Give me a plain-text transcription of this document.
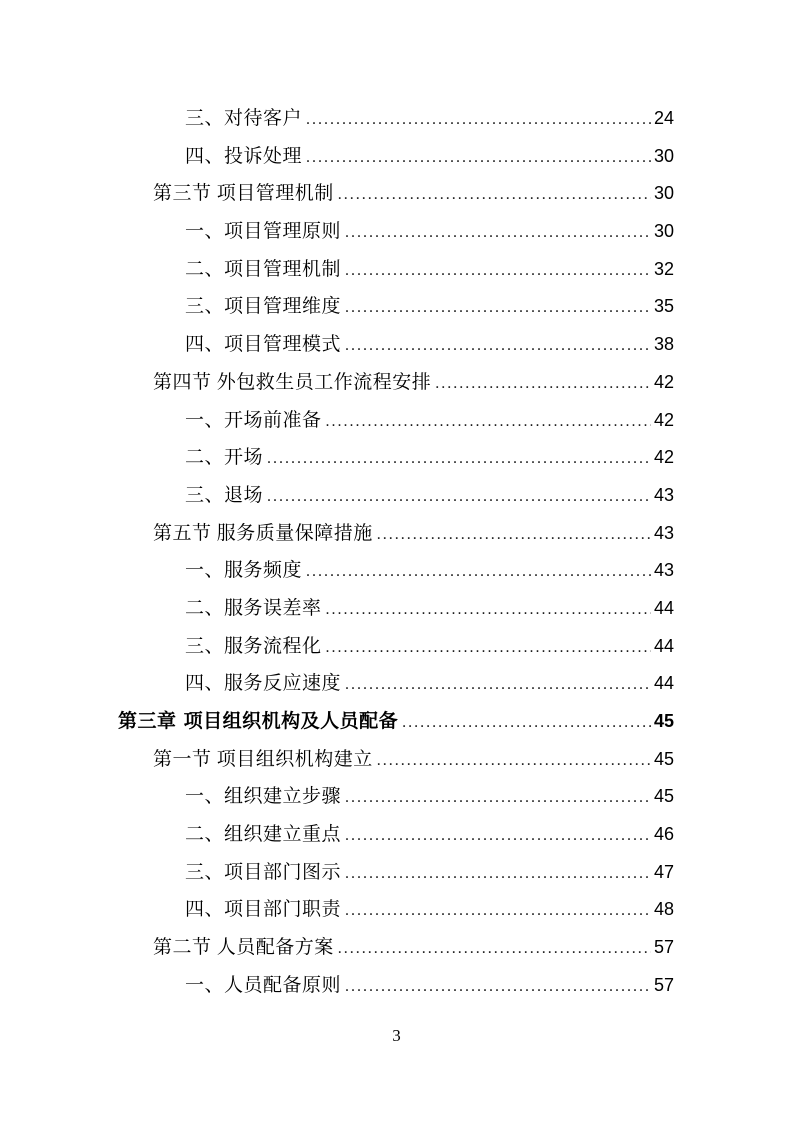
三、对待客户 .....	24
四、投诉处理 .....	30
第三节 项目管理机制 .....	30
一、项目管理原则 .....	30
二、项目管理机制 .....	32
三、项目管理维度 .....	35
四、项目管理模式 .....	38
第四节 外包救生员工作流程安排 .....	42
一、开场前准备 .....	42
二、开场 .....	42
三、退场 .....	43
第五节 服务质量保障措施 .....	43
一、服务频度 .....	43
二、服务误差率 .....	44
三、服务流程化 .....	44
四、服务反应速度 .....	44
第三章 项目组织机构及人员配备 .....	45
第一节 项目组织机构建立 .....	45
一、组织建立步骤 .....	45
二、组织建立重点 .....	46
三、项目部门图示 .....	47
四、项目部门职责 .....	48
第二节 人员配备方案 .....	57
一、人员配备原则 .....	57
3
